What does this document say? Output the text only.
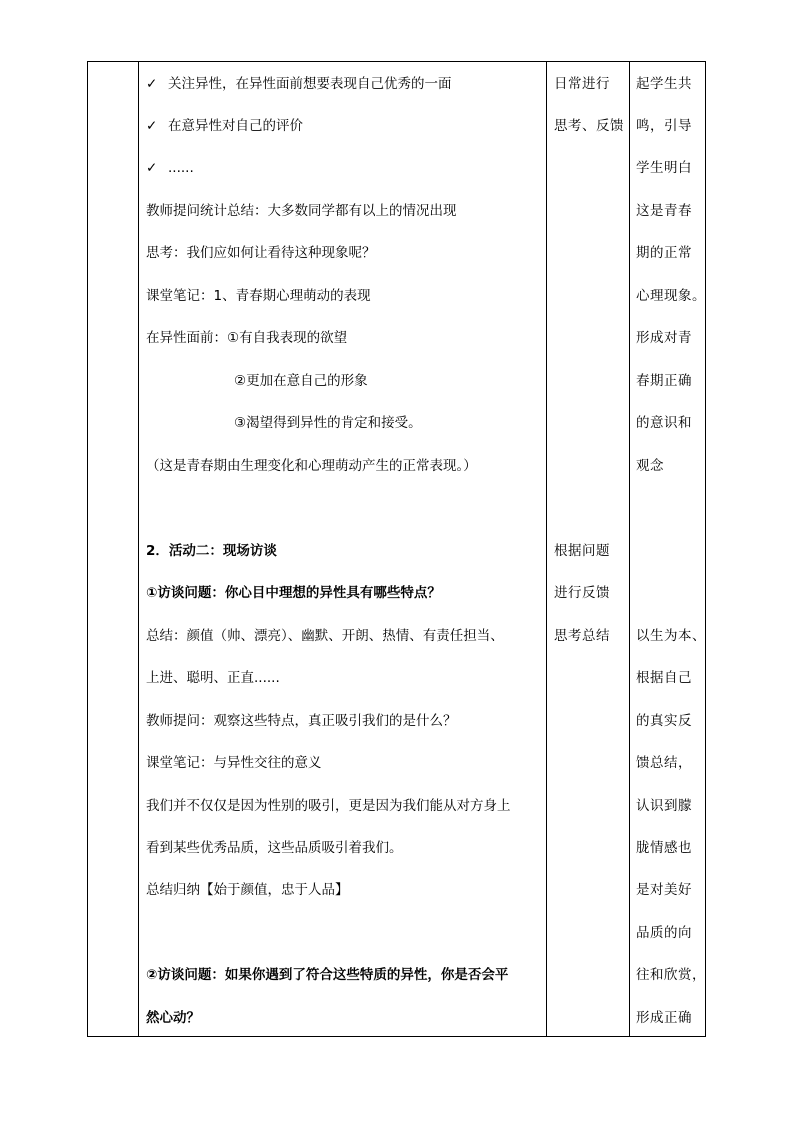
✓ 关注异性，在异性面前想要表现自己优秀的一面
✓ 在意异性对自己的评价
✓ ......
教师提问统计总结：大多数同学都有以上的情况出现
思考：我们应如何让看待这种现象呢？
课堂笔记：1、青春期心理萌动的表现
在异性面前：①有自我表现的欲望
②更加在意自己的形象
③渴望得到异性的肯定和接受。
（这是青春期由生理变化和心理萌动产生的正常表现。）
2．活动二：现场访谈
①访谈问题：你心目中理想的异性具有哪些特点？
总结：颜值（帅、漂亮）、幽默、开朗、热情、有责任担当、
上进、聪明、正直......
教师提问：观察这些特点，真正吸引我们的是什么？
课堂笔记：与异性交往的意义
我们并不仅仅是因为性别的吸引，更是因为我们能从对方身上
看到某些优秀品质，这些品质吸引着我们。
总结归纳【始于颜值，忠于人品】
②访谈问题：如果你遇到了符合这些特质的异性，你是否会平
然心动？
日常进行
思考、反馈
根据问题
进行反馈
思考总结
起学生共
鸣，引导
学生明白
这是青春
期的正常
心理现象。
形成对青
春期正确
的意识和
观念
以生为本、
根据自己
的真实反
馈总结，
认识到朦
胧情感也
是对美好
品质的向
往和欣赏，
形成正确
